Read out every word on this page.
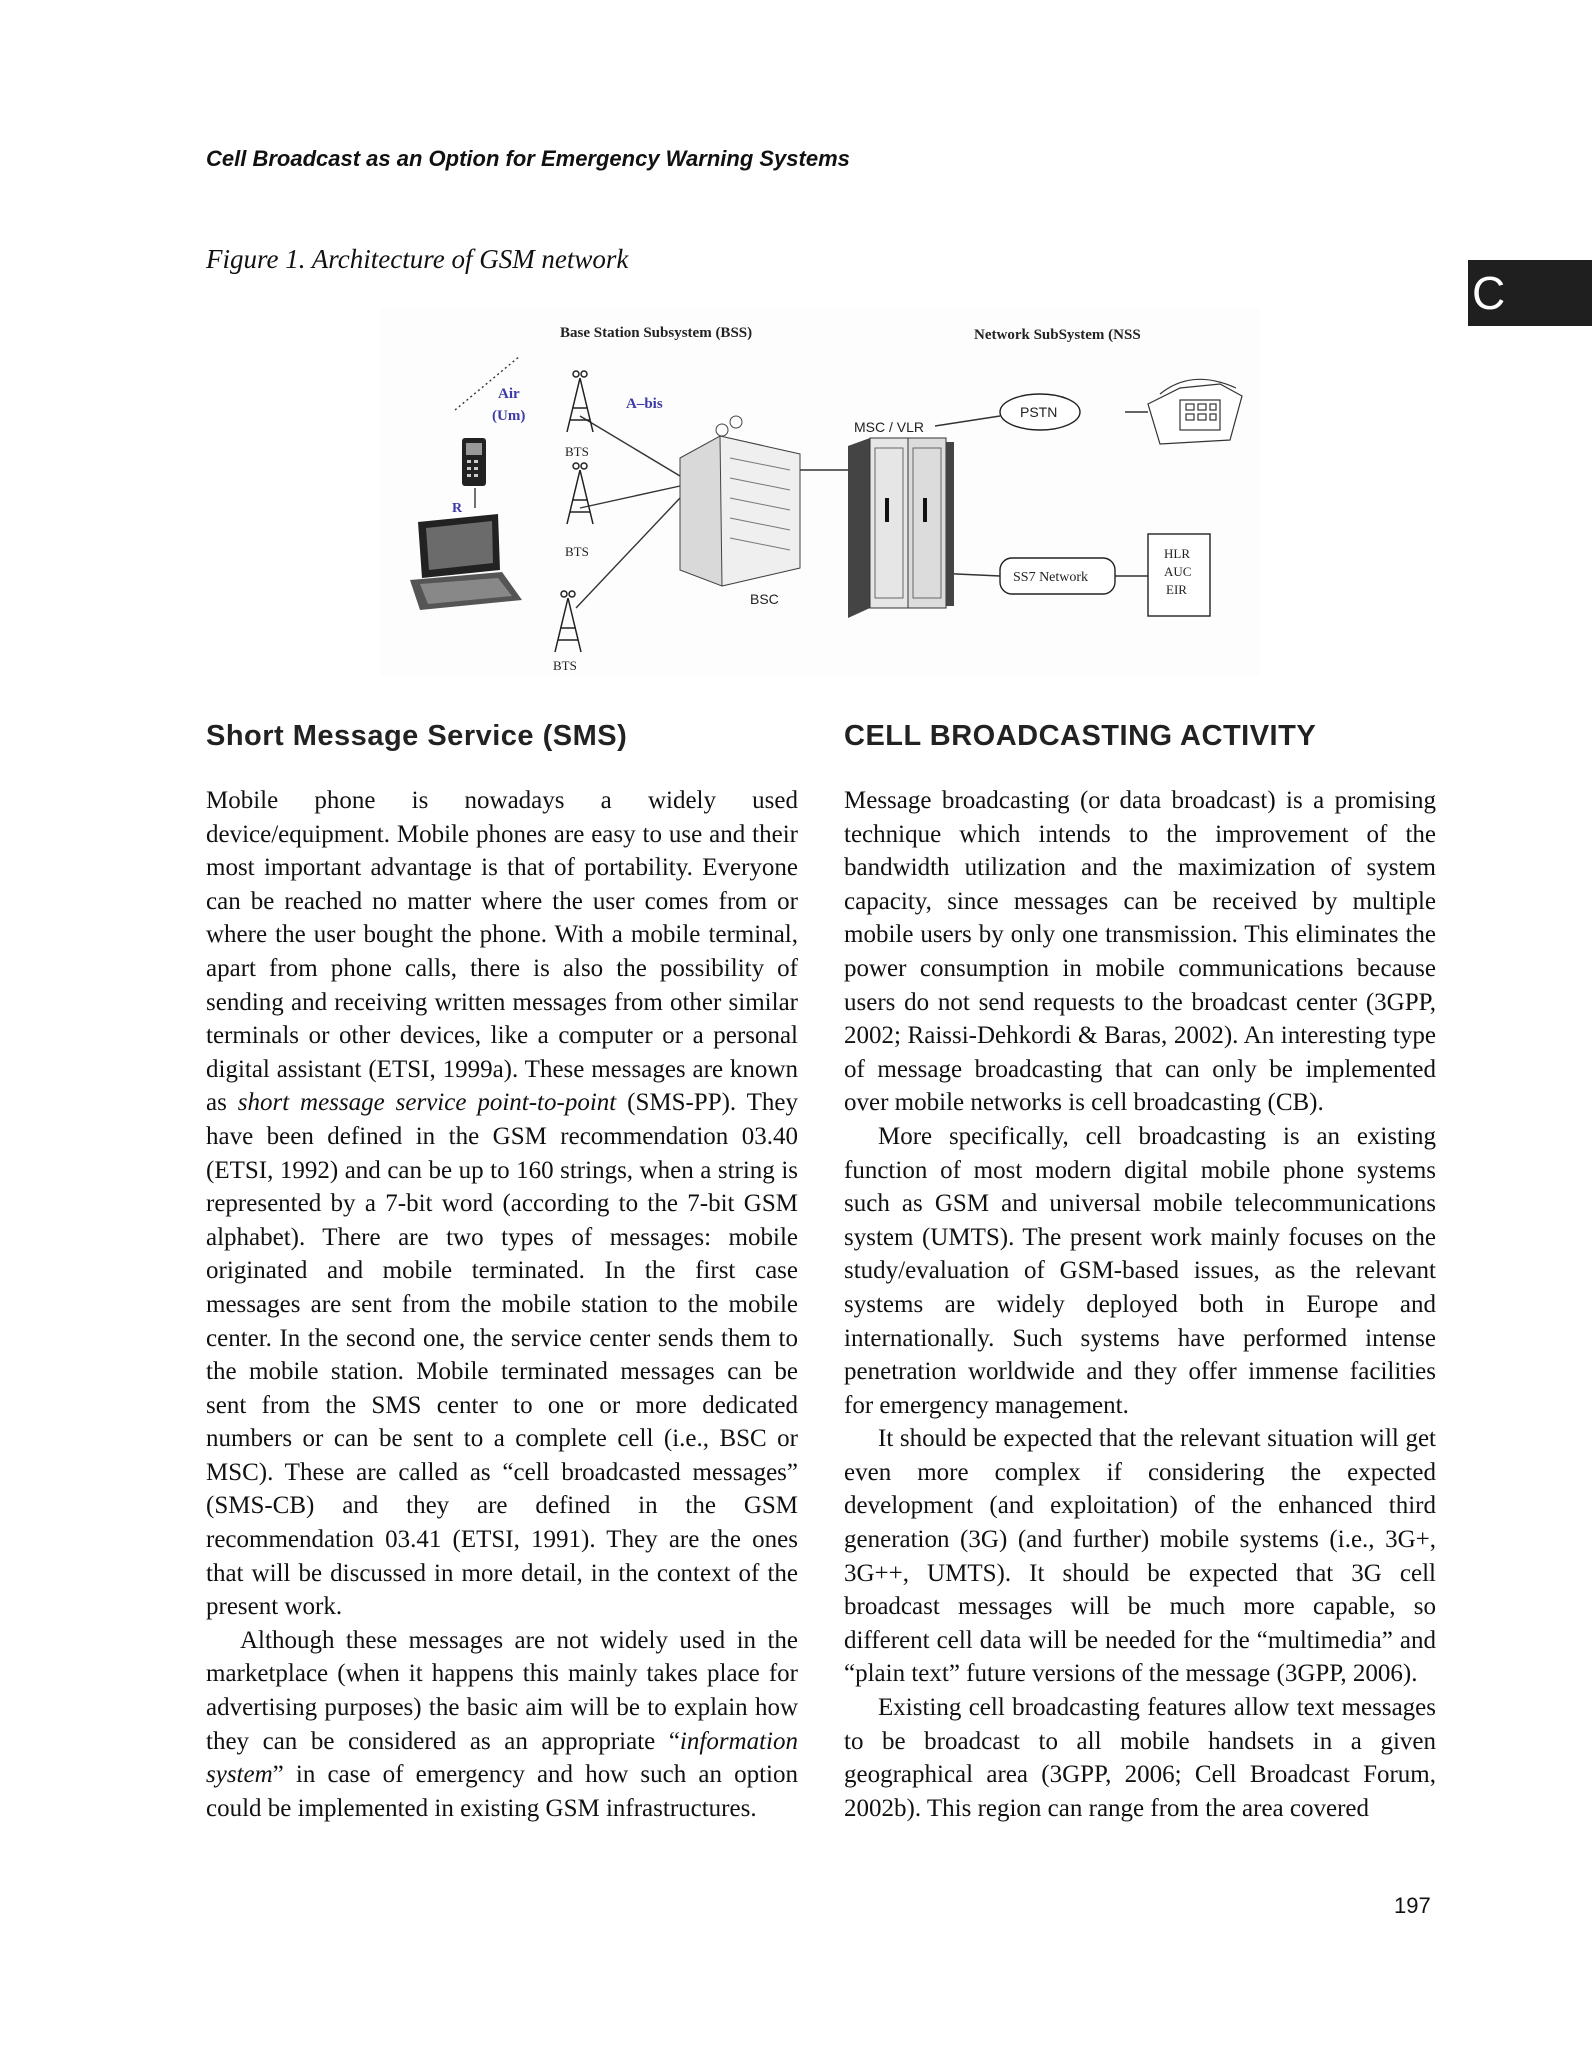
Cell Broadcast as an Option for Emergency Warning Systems
C
Figure 1. Architecture of GSM network
Base Station Subsystem (BSS)	Network SubSystem (NSS
Air
(Um)
A–bis
R
BTS
BTS
BTS
BSC
MSC / VLR
PSTN
SS7 Network
HLR
AUC
EIR
Short Message Service (SMS)

Mobile phone is nowadays a widely used device/equipment. Mobile phones are easy to use and their most important advantage is that of portability. Everyone can be reached no matter where the user comes from or where the user bought the phone. With a mobile terminal, apart from phone calls, there is also the possibility of sending and receiving written messages from other similar terminals or other devices, like a computer or a personal digital assistant (ETSI, 1999a). These messages are known as short message service point-to-point (SMS-PP). They have been defined in the GSM recommendation 03.40 (ETSI, 1992) and can be up to 160 strings, when a string is represented by a 7-bit word (according to the 7-bit GSM alphabet). There are two types of messages: mobile originated and mobile terminated. In the first case messages are sent from the mobile station to the mobile center. In the second one, the service center sends them to the mobile station. Mobile terminated messages can be sent from the SMS center to one or more dedicated numbers or can be sent to a complete cell (i.e., BSC or MSC). These are called as “cell broadcasted messages” (SMS-CB) and they are defined in the GSM recommendation 03.41 (ETSI, 1991). They are the ones that will be discussed in more detail, in the context of the present work.

Although these messages are not widely used in the marketplace (when it happens this mainly takes place for advertising purposes) the basic aim will be to explain how they can be considered as an appropriate “information system” in case of emergency and how such an option could be implemented in existing GSM infrastructures.

CELL BROADCASTING ACTIVITY

Message broadcasting (or data broadcast) is a promising technique which intends to the improvement of the bandwidth utilization and the maximization of system capacity, since messages can be received by multiple mobile users by only one transmission. This eliminates the power consumption in mobile communications because users do not send requests to the broadcast center (3GPP, 2002; Raissi-Dehkordi & Baras, 2002). An interesting type of message broadcasting that can only be implemented over mobile networks is cell broadcasting (CB).

More specifically, cell broadcasting is an existing function of most modern digital mobile phone systems such as GSM and universal mobile telecommunications system (UMTS). The present work mainly focuses on the study/evaluation of GSM-based issues, as the relevant systems are widely deployed both in Europe and internationally. Such systems have performed intense penetration worldwide and they offer immense facilities for emergency management.

It should be expected that the relevant situation will get even more complex if considering the expected development (and exploitation) of the enhanced third generation (3G) (and further) mobile systems (i.e., 3G+, 3G++, UMTS). It should be expected that 3G cell broadcast messages will be much more capable, so different cell data will be needed for the “multimedia” and “plain text” future versions of the message (3GPP, 2006).

Existing cell broadcasting features allow text messages to be broadcast to all mobile handsets in a given geographical area (3GPP, 2006; Cell Broadcast Forum, 2002b). This region can range from the area covered

197
